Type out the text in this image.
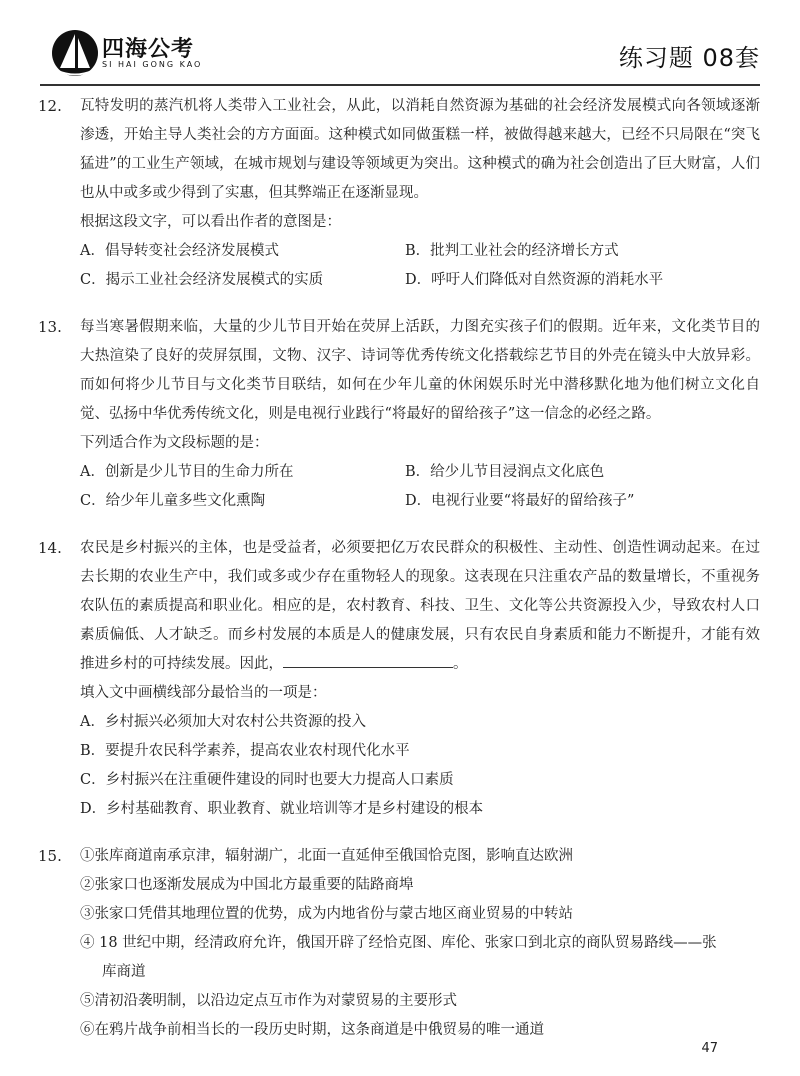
四海公考
SI HAI GONG KAO	练习题 08套
12. 瓦特发明的蒸汽机将人类带入工业社会，从此，以消耗自然资源为基础的社会经济发展模式向各领域逐渐渗透，开始主导人类社会的方方面面。这种模式如同做蛋糕一样，被做得越来越大，已经不只局限在“突飞猛进”的工业生产领域，在城市规划与建设等领域更为突出。这种模式的确为社会创造出了巨大财富，人们也从中或多或少得到了实惠，但其弊端正在逐渐显现。

根据这段文字，可以看出作者的意图是：

A．倡导转变社会经济发展模式	B．批判工业社会的经济增长方式
C．揭示工业社会经济发展模式的实质	D．呼吁人们降低对自然资源的消耗水平
13. 每当寒暑假期来临，大量的少儿节目开始在荧屏上活跃，力图充实孩子们的假期。近年来，文化类节目的大热渲染了良好的荧屏氛围，文物、汉字、诗词等优秀传统文化搭载综艺节目的外壳在镜头中大放异彩。而如何将少儿节目与文化类节目联结，如何在少年儿童的休闲娱乐时光中潜移默化地为他们树立文化自觉、弘扬中华优秀传统文化，则是电视行业践行“将最好的留给孩子”这一信念的必经之路。

下列适合作为文段标题的是：

A．创新是少儿节目的生命力所在	B．给少儿节目浸润点文化底色
C．给少年儿童多些文化熏陶	D．电视行业要“将最好的留给孩子”
14. 农民是乡村振兴的主体，也是受益者，必须要把亿万农民群众的积极性、主动性、创造性调动起来。在过去长期的农业生产中，我们或多或少存在重物轻人的现象。这表现在只注重农产品的数量增长，不重视务农队伍的素质提高和职业化。相应的是，农村教育、科技、卫生、文化等公共资源投入少，导致农村人口素质偏低、人才缺乏。而乡村发展的本质是人的健康发展，只有农民自身素质和能力不断提升，才能有效推进乡村的可持续发展。因此，	。

填入文中画横线部分最恰当的一项是：

A．乡村振兴必须加大对农村公共资源的投入
B．要提升农民科学素养，提高农业农村现代化水平
C．乡村振兴在注重硬件建设的同时也要大力提高人口素质
D．乡村基础教育、职业教育、就业培训等才是乡村建设的根本
15. ①张库商道南承京津，辐射湖广，北面一直延伸至俄国恰克图，影响直达欧洲
②张家口也逐渐发展成为中国北方最重要的陆路商埠
③张家口凭借其地理位置的优势，成为内地省份与蒙古地区商业贸易的中转站
④ 18 世纪中期，经清政府允许，俄国开辟了经恰克图、库伦、张家口到北京的商队贸易路线——张
库商道
⑤清初沿袭明制，以沿边定点互市作为对蒙贸易的主要形式
⑥在鸦片战争前相当长的一段历史时期，这条商道是中俄贸易的唯一通道
47
